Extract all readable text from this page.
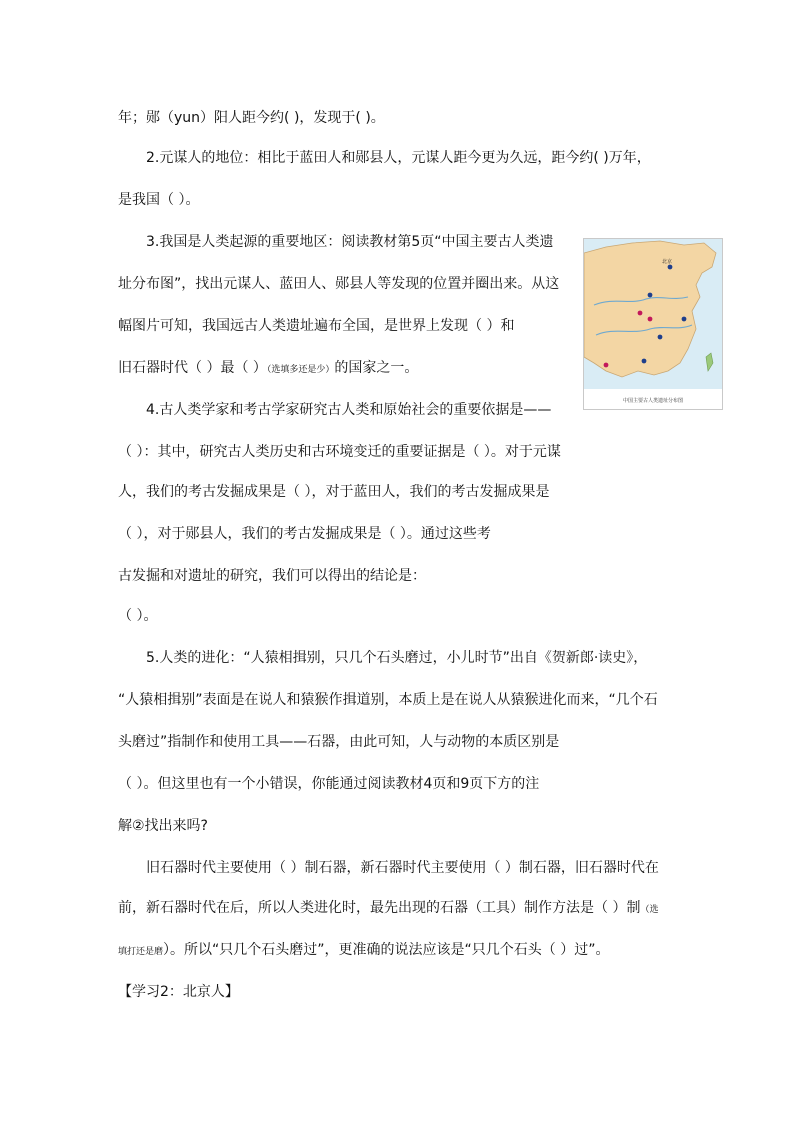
年；郧（yun）阳人距今约( )，发现于( )。
2.元谋人的地位：相比于蓝田人和郧县人，元谋人距今更为久远，距今约( )万年，
是我国（ ）。
3.我国是人类起源的重要地区：阅读教材第5页“中国主要古人类遗
址分布图”，找出元谋人、蓝田人、郧县人等发现的位置并圈出来。从这
幅图片可知，我国远古人类遗址遍布全国，是世界上发现（ ）和
旧石器时代（ ）最（ ）（选填多还是少）的国家之一。
北京
中国主要古人类遗址分布图
4.古人类学家和考古学家研究古人类和原始社会的重要依据是——
（ ）：其中，研究古人类历史和古环境变迁的重要证据是（ ）。对于元谋
人，我们的考古发掘成果是（ ），对于蓝田人，我们的考古发掘成果是
（ ），对于郧县人，我们的考古发掘成果是（ ）。通过这些考
古发掘和对遗址的研究，我们可以得出的结论是：
（ ）。
5.人类的进化：“人猿相揖别，只几个石头磨过，小儿时节”出自《贺新郎·读史》，
“人猿相揖别”表面是在说人和猿猴作揖道别，本质上是在说人从猿猴进化而来，“几个石
头磨过”指制作和使用工具——石器，由此可知，人与动物的本质区别是
（ ）。但这里也有一个小错误，你能通过阅读教材4页和9页下方的注
解②找出来吗?
旧石器时代主要使用（ ）制石器，新石器时代主要使用（ ）制石器，旧石器时代在
前，新石器时代在后，所以人类进化时，最先出现的石器（工具）制作方法是（ ）制（选
填打还是磨）。所以“只几个石头磨过”，更准确的说法应该是“只几个石头（ ）过”。
【学习2：北京人】
